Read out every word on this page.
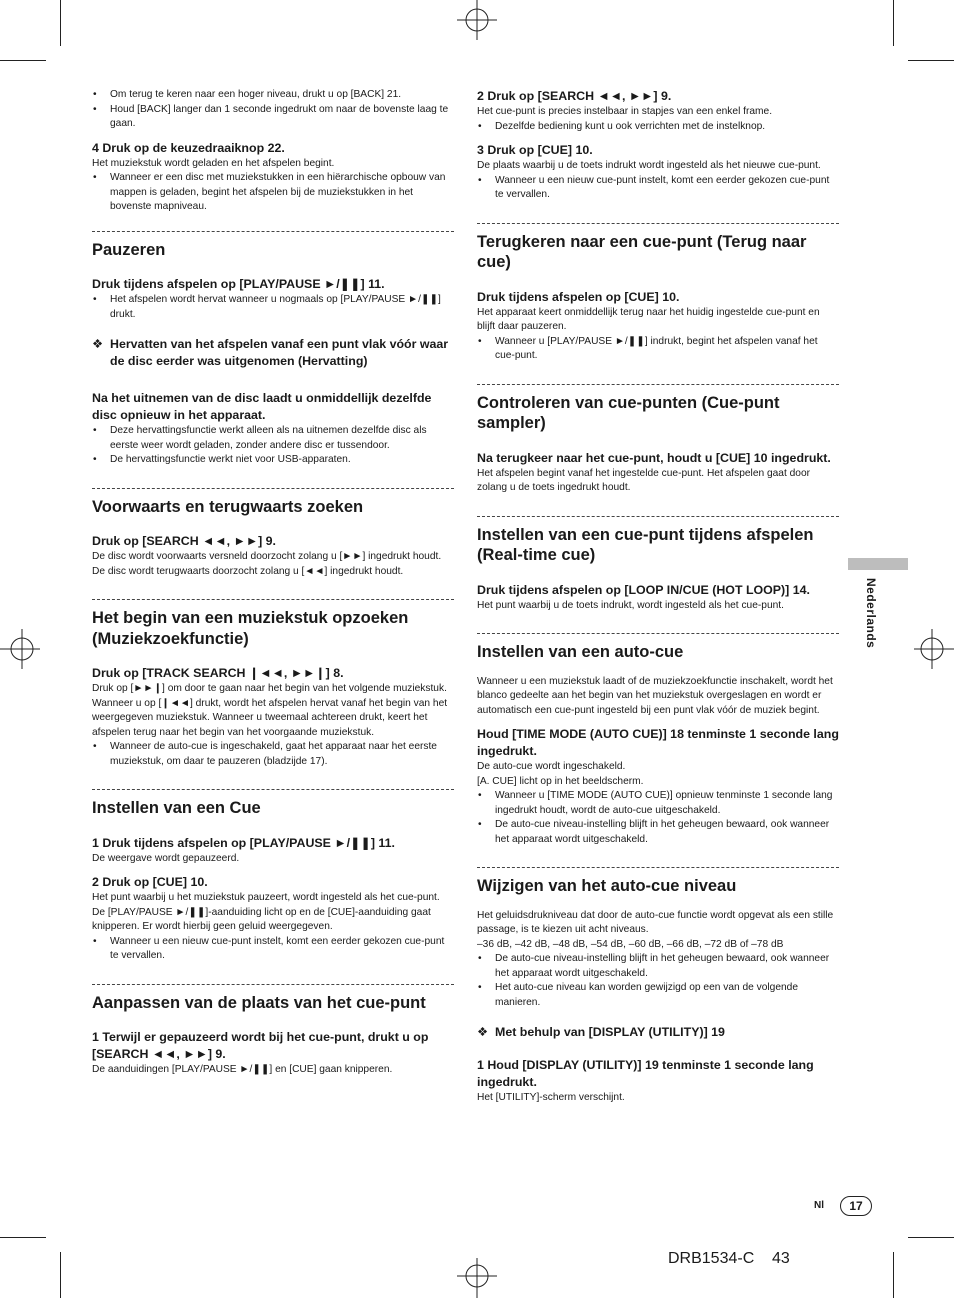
• Om terug te keren naar een hoger niveau, drukt u op [BACK] 21.

• Houd [BACK] langer dan 1 seconde ingedrukt om naar de bovenste laag te gaan.

4 Druk op de keuzedraaiknop 22.

Het muziekstuk wordt geladen en het afspelen begint.

• Wanneer er een disc met muziekstukken in een hiërarchische opbouw van mappen is geladen, begint het afspelen bij de muziekstukken in het bovenste mapniveau.

Pauzeren

Druk tijdens afspelen op [PLAY/PAUSE ►/❚❚] 11.

• Het afspelen wordt hervat wanneer u nogmaals op [PLAY/PAUSE ►/❚❚] drukt.

❖ Hervatten van het afspelen vanaf een punt vlak vóór waar de disc eerder was uitgenomen (Hervatting)

Na het uitnemen van de disc laadt u onmiddellijk dezelfde disc opnieuw in het apparaat.

• Deze hervattingsfunctie werkt alleen als na uitnemen dezelfde disc als eerste weer wordt geladen, zonder andere disc er tussendoor.

• De hervattingsfunctie werkt niet voor USB-apparaten.

Voorwaarts en terugwaarts zoeken

Druk op [SEARCH ◄◄, ►►] 9.

De disc wordt voorwaarts versneld doorzocht zolang u [►►] ingedrukt houdt.

De disc wordt terugwaarts doorzocht zolang u [◄◄] ingedrukt houdt.

Het begin van een muziekstuk opzoeken (Muziekzoekfunctie)

Druk op [TRACK SEARCH ❙◄◄, ►►❙] 8.

Druk op [►►❙] om door te gaan naar het begin van het volgende muziekstuk.

Wanneer u op [❙◄◄] drukt, wordt het afspelen hervat vanaf het begin van het weergegeven muziekstuk. Wanneer u tweemaal achtereen drukt, keert het afspelen terug naar het begin van het voorgaande muziekstuk.

• Wanneer de auto-cue is ingeschakeld, gaat het apparaat naar het eerste muziekstuk, om daar te pauzeren (bladzijde 17).

Instellen van een Cue

1 Druk tijdens afspelen op [PLAY/PAUSE ►/❚❚] 11.

De weergave wordt gepauzeerd.

2 Druk op [CUE] 10.

Het punt waarbij u het muziekstuk pauzeert, wordt ingesteld als het cue-punt.

De [PLAY/PAUSE ►/❚❚]-aanduiding licht op en de [CUE]-aanduiding gaat knipperen. Er wordt hierbij geen geluid weergegeven.

• Wanneer u een nieuw cue-punt instelt, komt een eerder gekozen cue-punt te vervallen.

Aanpassen van de plaats van het cue-punt

1 Terwijl er gepauzeerd wordt bij het cue-punt, drukt u op [SEARCH ◄◄, ►►] 9.

De aanduidingen [PLAY/PAUSE ►/❚❚] en [CUE] gaan knipperen.

2 Druk op [SEARCH ◄◄, ►►] 9.

Het cue-punt is precies instelbaar in stapjes van een enkel frame.

• Dezelfde bediening kunt u ook verrichten met de instelknop.

3 Druk op [CUE] 10.

De plaats waarbij u de toets indrukt wordt ingesteld als het nieuwe cue-punt.

• Wanneer u een nieuw cue-punt instelt, komt een eerder gekozen cue-punt te vervallen.

Terugkeren naar een cue-punt (Terug naar cue)

Druk tijdens afspelen op [CUE] 10.

Het apparaat keert onmiddellijk terug naar het huidig ingestelde cue-punt en blijft daar pauzeren.

• Wanneer u [PLAY/PAUSE ►/❚❚] indrukt, begint het afspelen vanaf het cue-punt.

Controleren van cue-punten (Cue-punt sampler)

Na terugkeer naar het cue-punt, houdt u [CUE] 10 ingedrukt.

Het afspelen begint vanaf het ingestelde cue-punt. Het afspelen gaat door zolang u de toets ingedrukt houdt.

Instellen van een cue-punt tijdens afspelen (Real-time cue)

Druk tijdens afspelen op [LOOP IN/CUE (HOT LOOP)] 14.

Het punt waarbij u de toets indrukt, wordt ingesteld als het cue-punt.

Instellen van een auto-cue

Wanneer u een muziekstuk laadt of de muziekzoekfunctie inschakelt, wordt het blanco gedeelte aan het begin van het muziekstuk overgeslagen en wordt er automatisch een cue-punt ingesteld bij een punt vlak vóór de muziek begint.

Houd [TIME MODE (AUTO CUE)] 18 tenminste 1 seconde lang ingedrukt.

De auto-cue wordt ingeschakeld.

[A. CUE] licht op in het beeldscherm.

• Wanneer u [TIME MODE (AUTO CUE)] opnieuw tenminste 1 seconde lang ingedrukt houdt, wordt de auto-cue uitgeschakeld.

• De auto-cue niveau-instelling blijft in het geheugen bewaard, ook wanneer het apparaat wordt uitgeschakeld.

Wijzigen van het auto-cue niveau

Het geluidsdrukniveau dat door de auto-cue functie wordt opgevat als een stille passage, is te kiezen uit acht niveaus.

–36 dB, –42 dB, –48 dB, –54 dB, –60 dB, –66 dB, –72 dB of –78 dB

• De auto-cue niveau-instelling blijft in het geheugen bewaard, ook wanneer het apparaat wordt uitgeschakeld.

• Het auto-cue niveau kan worden gewijzigd op een van de volgende manieren.

❖ Met behulp van [DISPLAY (UTILITY)] 19

1 Houd [DISPLAY (UTILITY)] 19 tenminste 1 seconde lang ingedrukt.

Het [UTILITY]-scherm verschijnt.

Nederlands
Nl	17
DRB1534-C 43
